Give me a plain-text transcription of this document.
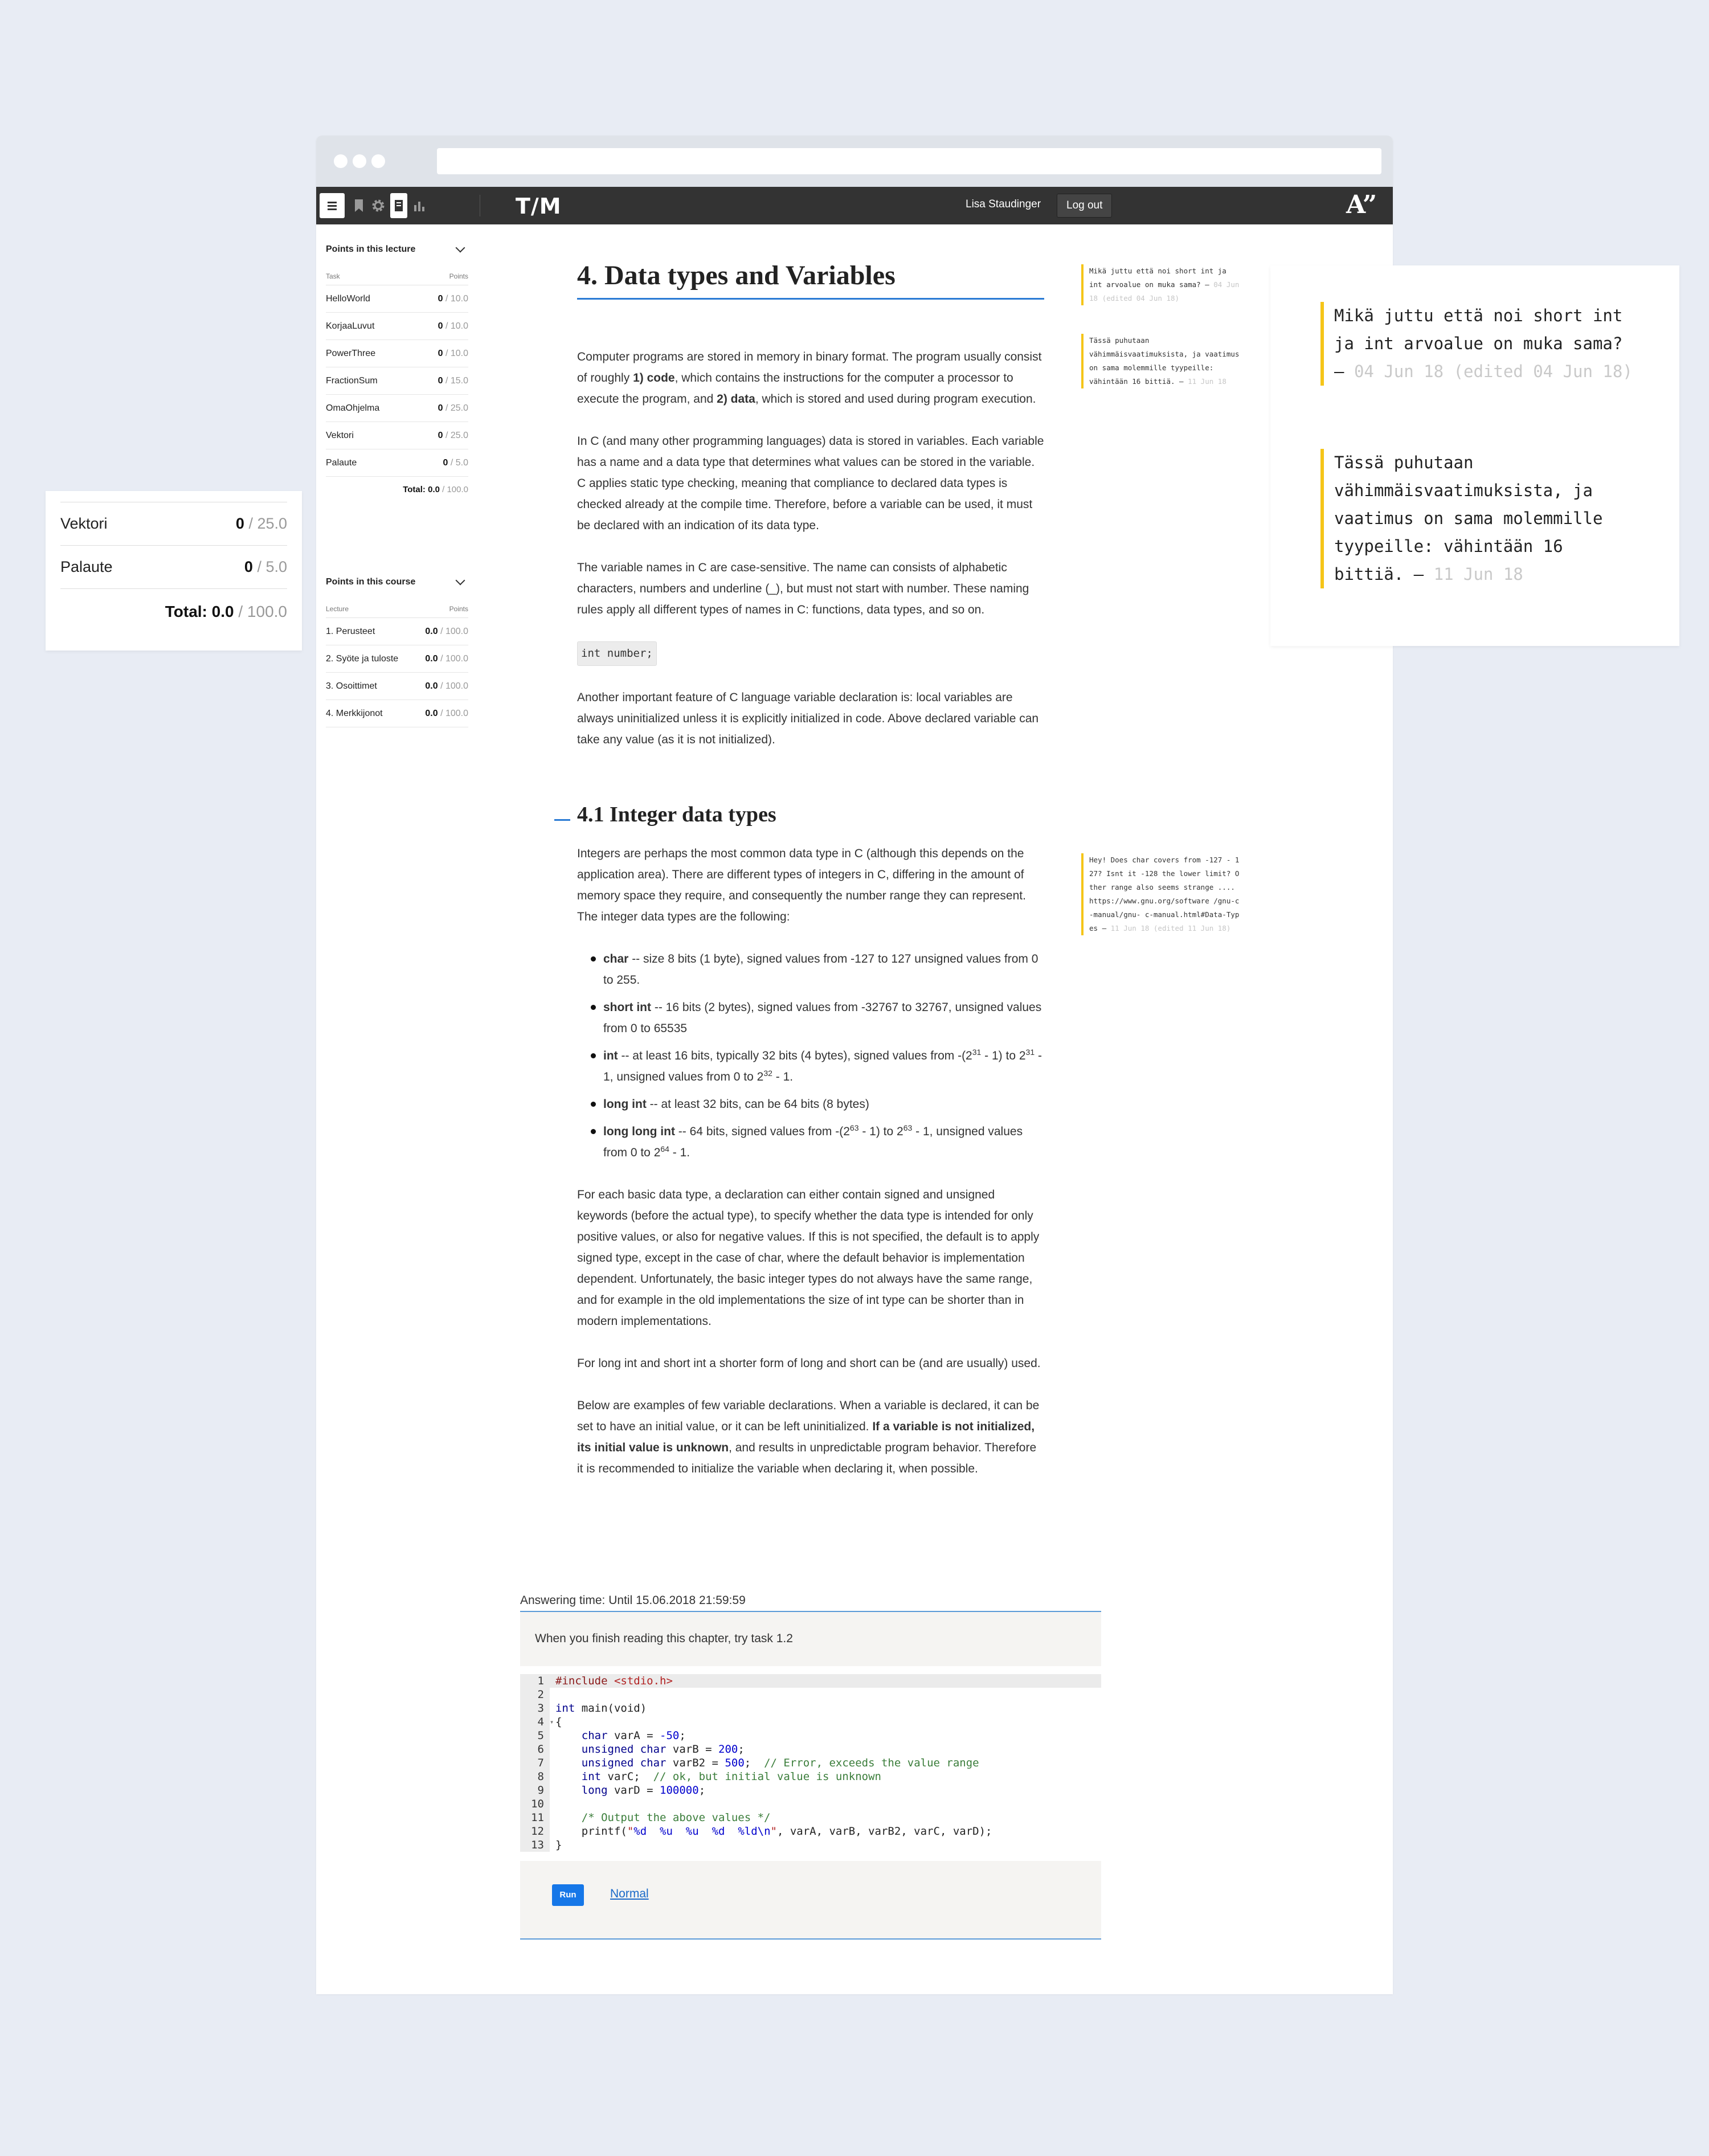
T/M	Lisa Staudinger	Log out	A”
Points in this lecture
Task	Points
HelloWorld	0 / 10.0
KorjaaLuvut	0 / 10.0
PowerThree	0 / 10.0
FractionSum	0 / 15.0
OmaOhjelma	0 / 25.0
Vektori	0 / 25.0
Palaute	0 / 5.0
Total: 0.0 / 100.0
Points in this course
Lecture	Points
1. Perusteet	0.0 / 100.0
2. Syöte ja tuloste	0.0 / 100.0
3. Osoittimet	0.0 / 100.0
4. Merkkijonot	0.0 / 100.0
4. Data types and Variables

Computer programs are stored in memory in binary format. The program usually consist of roughly 1) code, which contains the instructions for the computer a processor to execute the program, and 2) data, which is stored and used during program execution.

In C (and many other programming languages) data is stored in variables. Each variable has a name and a data type that determines what values can be stored in the variable. C applies static type checking, meaning that compliance to declared data types is checked already at the compile time. Therefore, before a variable can be used, it must be declared with an indication of its data type.

The variable names in C are case-sensitive. The name can consists of alphabetic characters, numbers and underline (_), but must not start with number. These naming rules apply all different types of names in C: functions, data types, and so on.

int number;

Another important feature of C language variable declaration is: local variables are always uninitialized unless it is explicitly initialized in code. Above declared variable can take any value (as it is not initialized).

4.1 Integer data types

Integers are perhaps the most common data type in C (although this depends on the application area). There are different types of integers in C, differing in the amount of memory space they require, and consequently the number range they can represent. The integer data types are the following:

char -- size 8 bits (1 byte), signed values from -127 to 127 unsigned values from 0 to 255.
short int -- 16 bits (2 bytes), signed values from -32767 to 32767, unsigned values from 0 to 65535
int -- at least 16 bits, typically 32 bits (4 bytes), signed values from $-(2^{31} - 1)$ to $2^{31} - 1$, unsigned values from 0 to $2^{32} - 1$.
long int -- at least 32 bits, can be 64 bits (8 bytes)
long long int -- 64 bits, signed values from $-(2^{63} - 1)$ to $2^{63} - 1$, unsigned values from 0 to $2^{64} - 1$.

For each basic data type, a declaration can either contain signed and unsigned keywords (before the actual type), to specify whether the data type is intended for only positive values, or also for negative values. If this is not specified, the default is to apply signed type, except in the case of char, where the default behavior is implementation dependent. Unfortunately, the basic integer types do not always have the same range, and for example in the old implementations the size of int type can be shorter than in modern implementations.

For long int and short int a shorter form of long and short can be (and are usually) used.

Below are examples of few variable declarations. When a variable is declared, it can be set to have an initial value, or it can be left uninitialized. If a variable is not initialized, its initial value is unknown, and results in unpredictable program behavior. Therefore it is recommended to initialize the variable when declaring it, when possible.

Answering time: Until 15.06.2018 21:59:59
When you finish reading this chapter, try task 1.2
1	#include <stdio.h>
2

3	int main(void)
4 ▾ {
5	char varA = -50;
6	unsigned char varB = 200;
7	unsigned char varB2 = 500;  // Error, exceeds the value range
8	int varC;  // ok, but initial value is unknown
9	long varD = 100000;
10

11	/* Output the above values */
12	printf("%d  %u  %u  %d  %ld\n", varA, varB, varB2, varC, varD);
13	}
Run	Normal
Mikä juttu että noi short int ja int arvoalue on muka sama? — 04 Jun 18 (edited 04 Jun 18)
Tässä puhutaan vähimmäisvaatimuksista, ja vaatimus on sama molemmille tyypeille: vähintään 16 bittiä. — 11 Jun 18
Hey! Does char covers from -127 - 127? Isnt it -128 the lower limit? Other range also seems strange .... https://www.gnu.org/software /gnu-c-manual/gnu- c-manual.html#Data-Types — 11 Jun 18 (edited 11 Jun 18)
Mikä juttu että noi short int ja int arvoalue on muka sama? — 04 Jun 18 (edited 04 Jun 18)
Tässä puhutaan vähimmäisvaatimuksista, ja vaatimus on sama molemmille tyypeille: vähintään 16 bittiä. — 11 Jun 18
Vektori	0 / 25.0
Palaute	0 / 5.0
Total: 0.0 / 100.0
